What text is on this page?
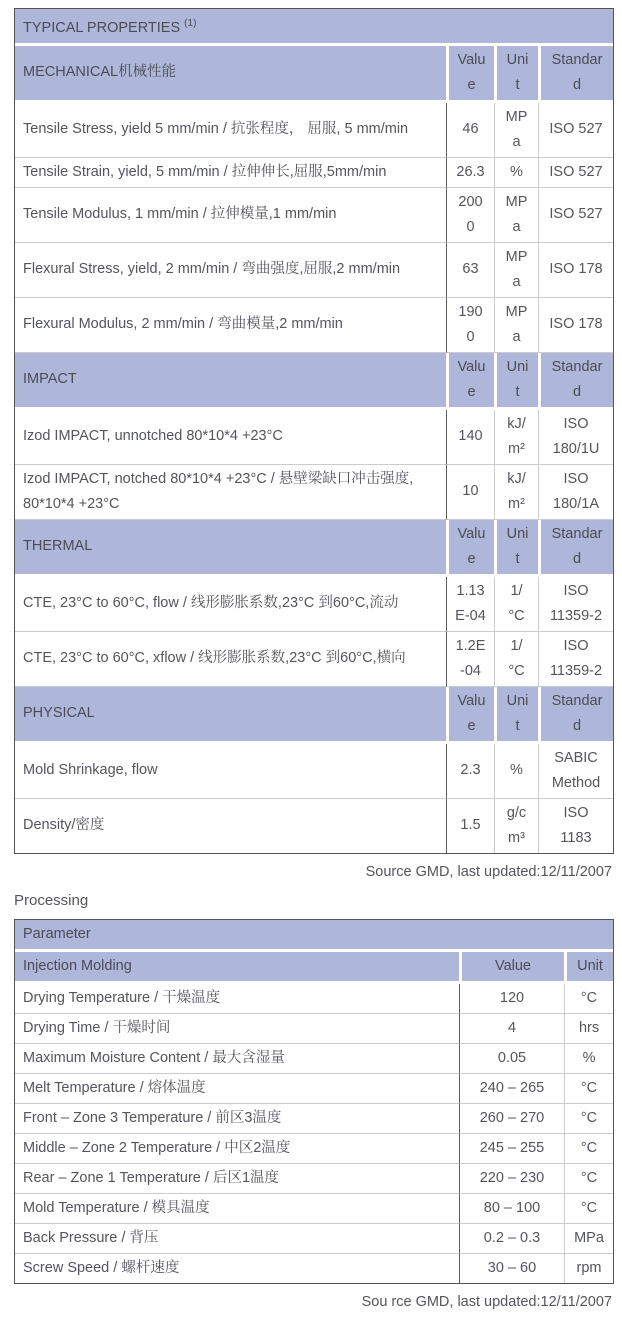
TYPICAL PROPERTIES $^{(1)}$
MECHANICAL机械性能	Value	Unit	Standard
Tensile Stress, yield 5 mm/min / 抗张程度， 屈服, 5 mm/min	46	MPa	ISO 527
Tensile Strain, yield, 5 mm/min / 拉伸伸长,屈服,5mm/min	26.3	%	ISO 527
Tensile Modulus, 1 mm/min / 拉伸模量,1 mm/min	2000	MPa	ISO 527
Flexural Stress, yield, 2 mm/min / 弯曲强度,屈服,2 mm/min	63	MPa	ISO 178
Flexural Modulus, 2 mm/min / 弯曲模量,2 mm/min	1900	MPa	ISO 178
IMPACT	Value	Unit	Standard
Izod IMPACT, unnotched 80*10*4 +23°C	140	kJ/m²	ISO 180/1U
Izod IMPACT, notched 80*10*4 +23°C / 悬壁梁缺口冲击强度, 80*10*4 +23°C	10	kJ/m²	ISO 180/1A
THERMAL	Value	Unit	Standard
CTE, 23°C to 60°C, flow / 线形膨胀系数,23°C 到60°C,流动	1.13E-04	1/°C	ISO 11359-2
CTE, 23°C to 60°C, xflow / 线形膨胀系数,23°C 到60°C,横向	1.2E-04	1/°C	ISO 11359-2
PHYSICAL	Value	Unit	Standard
Mold Shrinkage, flow	2.3	%	SABIC Method
Density/密度	1.5	g/cm³	ISO 1183
Source GMD, last updated:12/11/2007
Processing
Parameter		
Injection Molding	Value	Unit
Drying Temperature / 干燥温度	120	°C
Drying Time / 干燥时间	4	hrs
Maximum Moisture Content / 最大含湿量	0.05	%
Melt Temperature / 熔体温度	240 – 265	°C
Front – Zone 3 Temperature / 前区3温度	260 – 270	°C
Middle – Zone 2 Temperature / 中区2温度	245 – 255	°C
Rear – Zone 1 Temperature / 后区1温度	220 – 230	°C
Mold Temperature / 模具温度	80 – 100	°C
Back Pressure / 背压	0.2 – 0.3	MPa
Screw Speed / 螺杆速度	30 – 60	rpm
Sou rce GMD, last updated:12/11/2007
